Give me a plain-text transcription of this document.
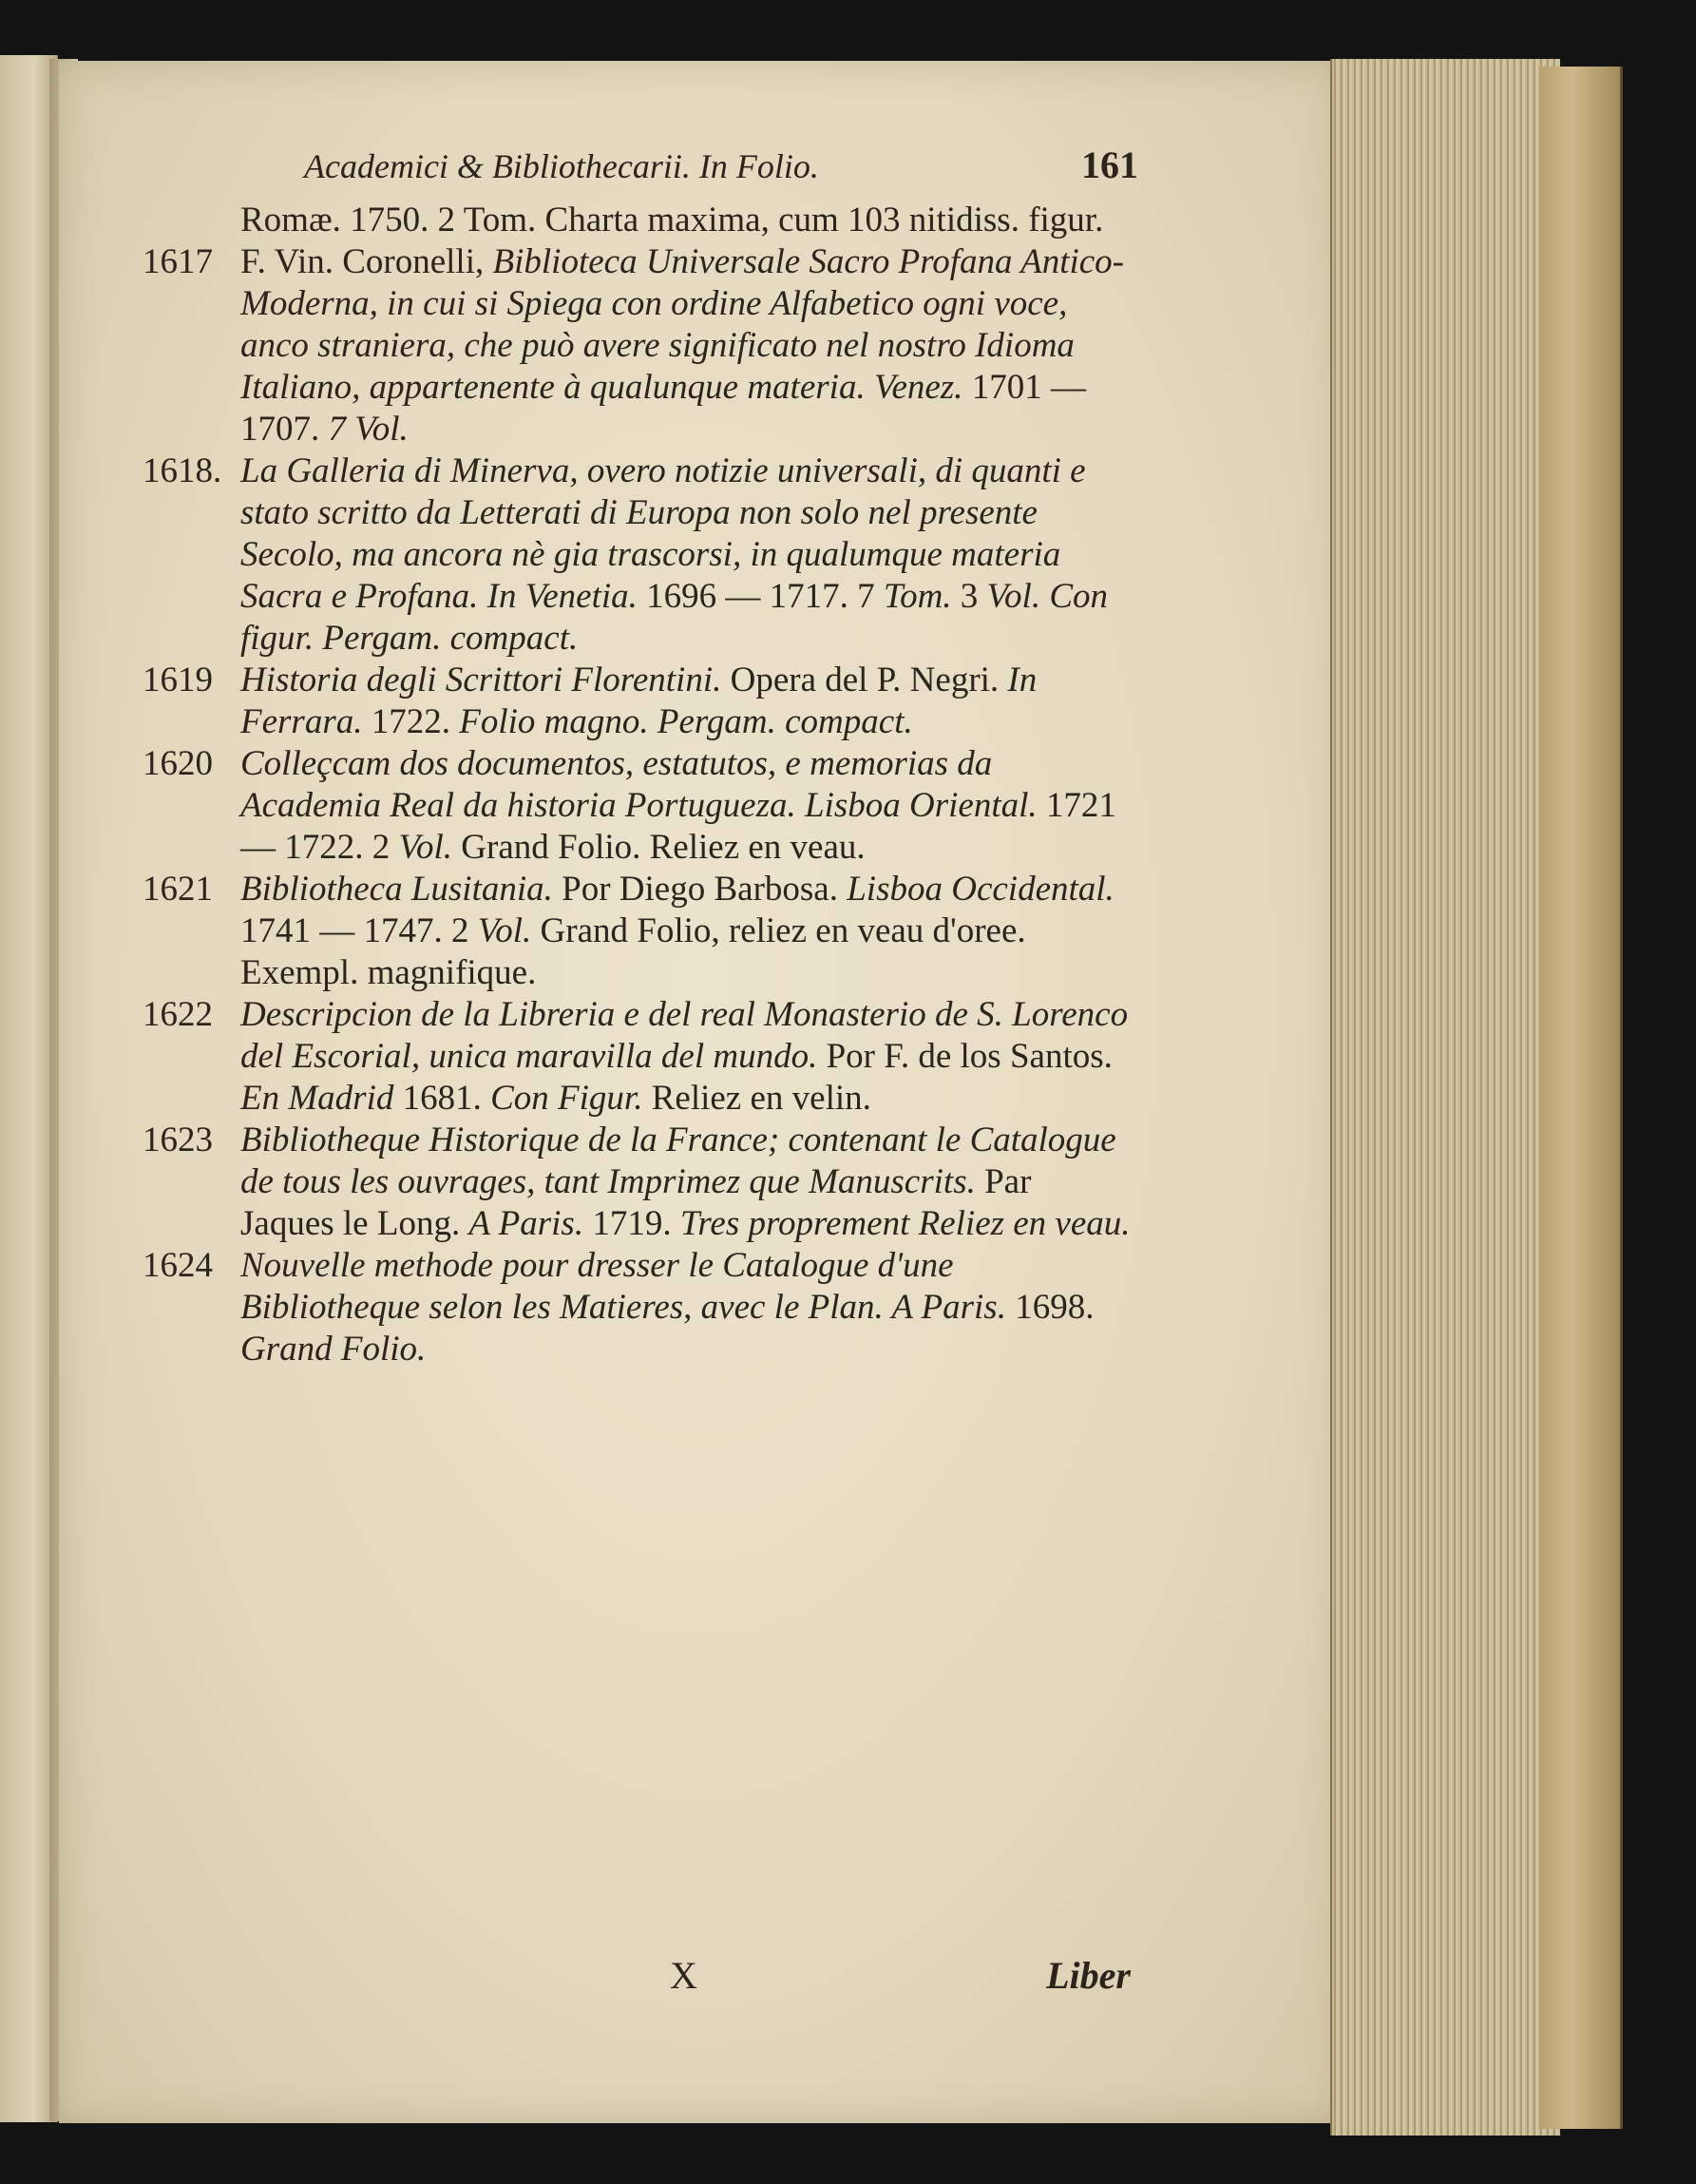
Academici & Bibliothecarii. In Folio.	161

Romæ. 1750. 2 Tom. Charta maxima, cum 103 nitidiss. figur.

1617 F. Vin. Coronelli, Biblioteca Universale Sacro Profana Antico-Moderna, in cui si Spiega con ordine Alfabetico ogni voce, anco straniera, che può avere significato nel nostro Idioma Italiano, appartenente à qualunque materia. Venez. 1701 — 1707. 7 Vol.

1618. La Galleria di Minerva, overo notizie universali, di quanti e stato scritto da Letterati di Europa non solo nel presente Secolo, ma ancora nè gia trascorsi, in qualumque materia Sacra e Profana. In Venetia. 1696 — 1717. 7 Tom. 3 Vol. Con figur. Pergam. compact.

1619 Historia degli Scrittori Florentini. Opera del P. Negri. In Ferrara. 1722. Folio magno. Pergam. compact.

1620 Colleçcam dos documentos, estatutos, e memorias da Academia Real da historia Portugueza. Lisboa Oriental. 1721 — 1722. 2 Vol. Grand Folio. Reliez en veau.

1621 Bibliotheca Lusitania. Por Diego Barbosa. Lisboa Occidental. 1741 — 1747. 2 Vol. Grand Folio, reliez en veau d'oree. Exempl. magnifique.

1622 Descripcion de la Libreria e del real Monasterio de S. Lorenco del Escorial, unica maravilla del mundo. Por F. de los Santos. En Madrid 1681. Con Figur. Reliez en velin.

1623 Bibliotheque Historique de la France; contenant le Catalogue de tous les ouvrages, tant Imprimez que Manuscrits. Par Jaques le Long. A Paris. 1719. Tres proprement Reliez en veau.

1624 Nouvelle methode pour dresser le Catalogue d'une Bibliotheque selon les Matieres, avec le Plan. A Paris. 1698. Grand Folio.

X	Liber
